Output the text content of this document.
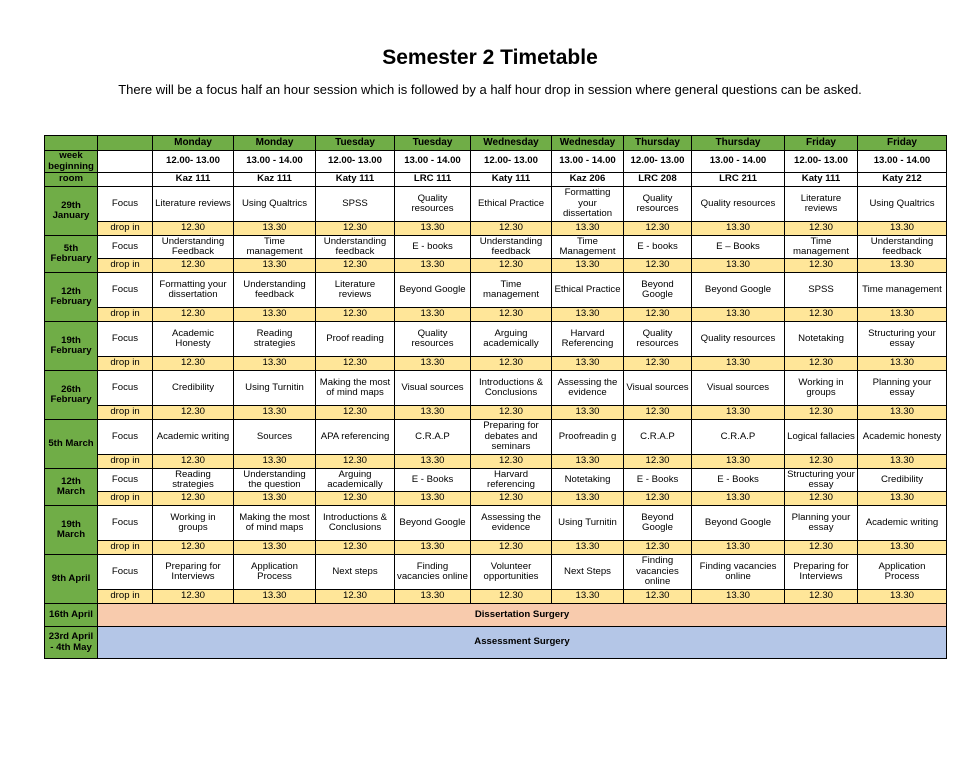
Semester 2 Timetable
There will be a focus half an hour session which is followed by a half hour drop in session where general questions can be asked.
		Monday	Monday	Tuesday	Tuesday	Wednesday	Wednesday	Thursday	Thursday	Friday	Friday
week beginning		12.00- 13.00	13.00 - 14.00	12.00- 13.00	13.00 - 14.00	12.00- 13.00	13.00 - 14.00	12.00- 13.00	13.00 - 14.00	12.00- 13.00	13.00 - 14.00
room		Kaz 111	Kaz 111	Katy 111	LRC 111	Katy 111	Kaz 206	LRC 208	LRC 211	Katy 111	Katy 212
29th January	Focus	Literature reviews	Using Qualtrics	SPSS	Quality resources	Ethical Practice	Formatting your dissertation	Quality resources	Quality resources	Literature reviews	Using Qualtrics
	drop in	12.30	13.30	12.30	13.30	12.30	13.30	12.30	13.30	12.30	13.30
5th February	Focus	Understanding Feedback	Time management	Understanding feedback	E - books	Understanding feedback	Time Management	E - books	E – Books	Time management	Understanding feedback
	drop in	12.30	13.30	12.30	13.30	12.30	13.30	12.30	13.30	12.30	13.30
12th February	Focus	Formatting your dissertation	Understanding feedback	Literature reviews	Beyond Google	Time management	Ethical Practice	Beyond Google	Beyond Google	SPSS	Time management
	drop in	12.30	13.30	12.30	13.30	12.30	13.30	12.30	13.30	12.30	13.30
19th February	Focus	Academic Honesty	Reading strategies	Proof reading	Quality resources	Arguing academically	Harvard Referencing	Quality resources	Quality resources	Notetaking	Structuring your essay
	drop in	12.30	13.30	12.30	13.30	12.30	13.30	12.30	13.30	12.30	13.30
26th February	Focus	Credibility	Using Turnitin	Making the most of mind maps	Visual sources	Introductions & Conclusions	Assessing the evidence	Visual sources	Visual sources	Working in groups	Planning your essay
	drop in	12.30	13.30	12.30	13.30	12.30	13.30	12.30	13.30	12.30	13.30
5th March	Focus	Academic writing	Sources	APA referencing	C.R.A.P	Preparing for debates and seminars	Proofreadin g	C.R.A.P	C.R.A.P	Logical fallacies	Academic honesty
	drop in	12.30	13.30	12.30	13.30	12.30	13.30	12.30	13.30	12.30	13.30
12th March	Focus	Reading strategies	Understanding the question	Arguing academically	E - Books	Harvard referencing	Notetaking	E - Books	E - Books	Structuring your essay	Credibility
	drop in	12.30	13.30	12.30	13.30	12.30	13.30	12.30	13.30	12.30	13.30
19th March	Focus	Working in groups	Making the most of mind maps	Introductions & Conclusions	Beyond Google	Assessing the evidence	Using Turnitin	Beyond Google	Beyond Google	Planning your essay	Academic writing
	drop in	12.30	13.30	12.30	13.30	12.30	13.30	12.30	13.30	12.30	13.30
9th April	Focus	Preparing for Interviews	Application Process	Next steps	Finding vacancies online	Volunteer opportunities	Next Steps	Finding vacancies online	Finding vacancies online	Preparing for Interviews	Application Process
	drop in	12.30	13.30	12.30	13.30	12.30	13.30	12.30	13.30	12.30	13.30
16th April	Dissertation Surgery										
23rd April - 4th May	Assessment Surgery										
